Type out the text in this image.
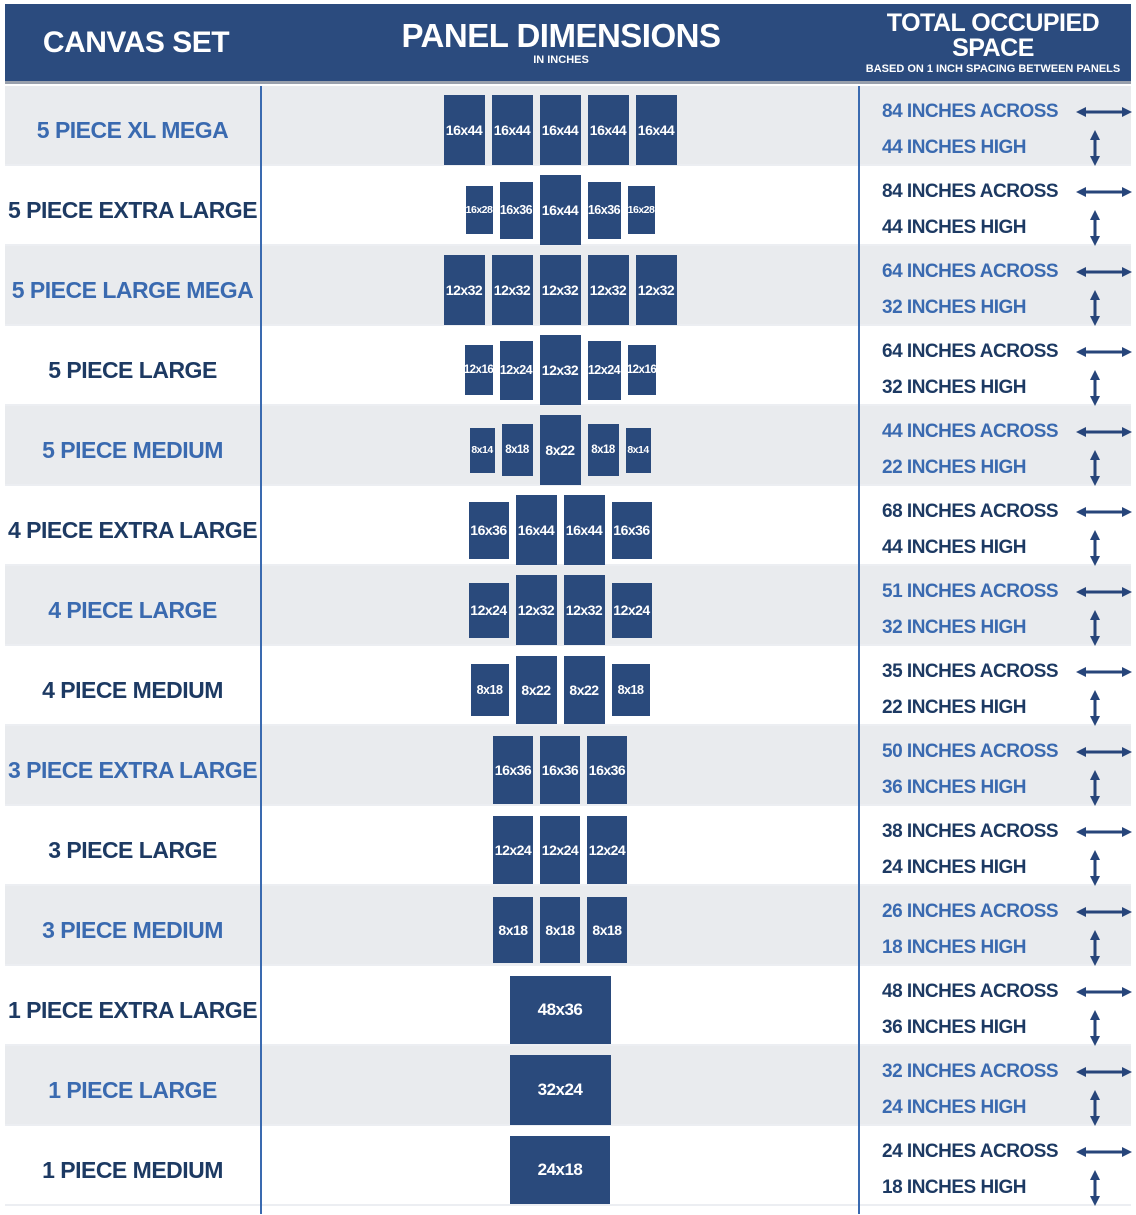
CANVAS SET	PANEL DIMENSIONS
IN INCHES
TOTAL OCCUPIED SPACE
BASED ON 1 INCH SPACING BETWEEN PANELS
5 PIECE XL MEGA	16x44 16x44 16x44 16x44 16x44
84 INCHES ACROSS
44 INCHES HIGH
5 PIECE EXTRA LARGE	16x28 16x36 16x44 16x36 16x28
84 INCHES ACROSS
44 INCHES HIGH
5 PIECE LARGE MEGA	12x32 12x32 12x32 12x32 12x32
64 INCHES ACROSS
32 INCHES HIGH
5 PIECE LARGE	12x16 12x24 12x32 12x24 12x16
64 INCHES ACROSS
32 INCHES HIGH
5 PIECE MEDIUM	8x14	8x18	8x22	8x18	8x14
44 INCHES ACROSS
22 INCHES HIGH
4 PIECE EXTRA LARGE	16x36 16x44 16x44 16x36
68 INCHES ACROSS
44 INCHES HIGH
4 PIECE LARGE	12x24 12x32 12x32 12x24
51 INCHES ACROSS
32 INCHES HIGH
4 PIECE MEDIUM	8x18	8x22	8x22	8x18
35 INCHES ACROSS
22 INCHES HIGH
3 PIECE EXTRA LARGE	16x36 16x36 16x36
50 INCHES ACROSS
36 INCHES HIGH
3 PIECE LARGE	12x24 12x24 12x24
38 INCHES ACROSS
24 INCHES HIGH
3 PIECE MEDIUM	8x18	8x18	8x18
26 INCHES ACROSS
18 INCHES HIGH
1 PIECE EXTRA LARGE	48x36
48 INCHES ACROSS
36 INCHES HIGH
1 PIECE LARGE	32x24
32 INCHES ACROSS
24 INCHES HIGH
1 PIECE MEDIUM	24x18
24 INCHES ACROSS
18 INCHES HIGH
